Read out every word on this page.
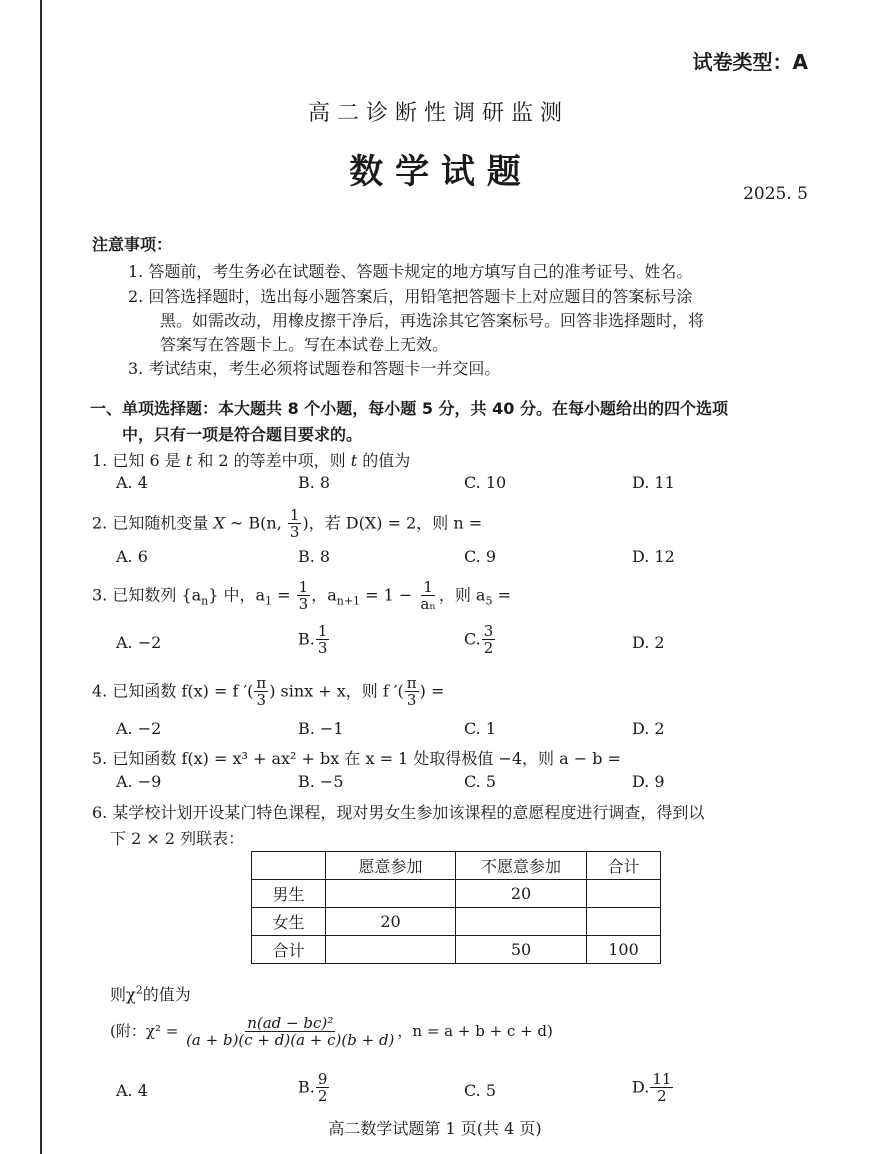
试卷类型：A
高 二 诊 断 性 调 研 监 测
数 学 试 题
2025. 5
注意事项：
1. 答题前，考生务必在试题卷、答题卡规定的地方填写自己的准考证号、姓名。
2. 回答选择题时，选出每小题答案后，用铅笔把答题卡上对应题目的答案标号涂
黑。如需改动，用橡皮擦干净后，再选涂其它答案标号。回答非选择题时，将
答案写在答题卡上。写在本试卷上无效。
3. 考试结束，考生必须将试题卷和答题卡一并交回。
一、单项选择题：本大题共 8 个小题，每小题 5 分，共 40 分。在每小题给出的四个选项
中，只有一项是符合题目要求的。
1. 已知 6 是 t 和 2 的等差中项，则 t 的值为
A. 4	B. 8	C. 10	D. 11
2. 已知随机变量 X ~ B(n, $\frac{1}{3}$ )，若 D(X) = 2，则 n =
A. 6	B. 8	C. 9	D. 12
3. 已知数列 $\{a_n\}$ 中，$a_1 = \frac{1}{3}$ ，$a_{n+1} = 1 - \frac{1}{\text{aₙ}}$ ，则 $a_5$ =
A. −2	B. $\frac{1}{3}$	C. $\frac{3}{2}$	D. 2
4. 已知函数 f(x) = f ′( $\frac{\pi}{3}$ ) sinx + x，则 f ′( $\frac{\pi}{3}$ ) =
A. −2	B. −1	C. 1	D. 2
5. 已知函数 f(x) = x³ + ax² + bx 在 x = 1 处取得极值 −4，则 a − b =
A. −9	B. −5	C. 5	D. 9
6. 某学校计划开设某门特色课程，现对男女生参加该课程的意愿程度进行调查，得到以
下 2 × 2 列联表：
	愿意参加	不愿意参加	合计
男生		20	
女生	20		
合计		50	100
则$\chi^2$的值为
(附：$\chi^2 = \frac{\text{n(ad − bc)²}}{(a + b)(c + d)(a + c)(b + d)}$ ，n = a + b + c + d)
A. 4	B. $\frac{9}{2}$	C. 5	D. $\frac{11}{2}$
高二数学试题第 1 页(共 4 页)
